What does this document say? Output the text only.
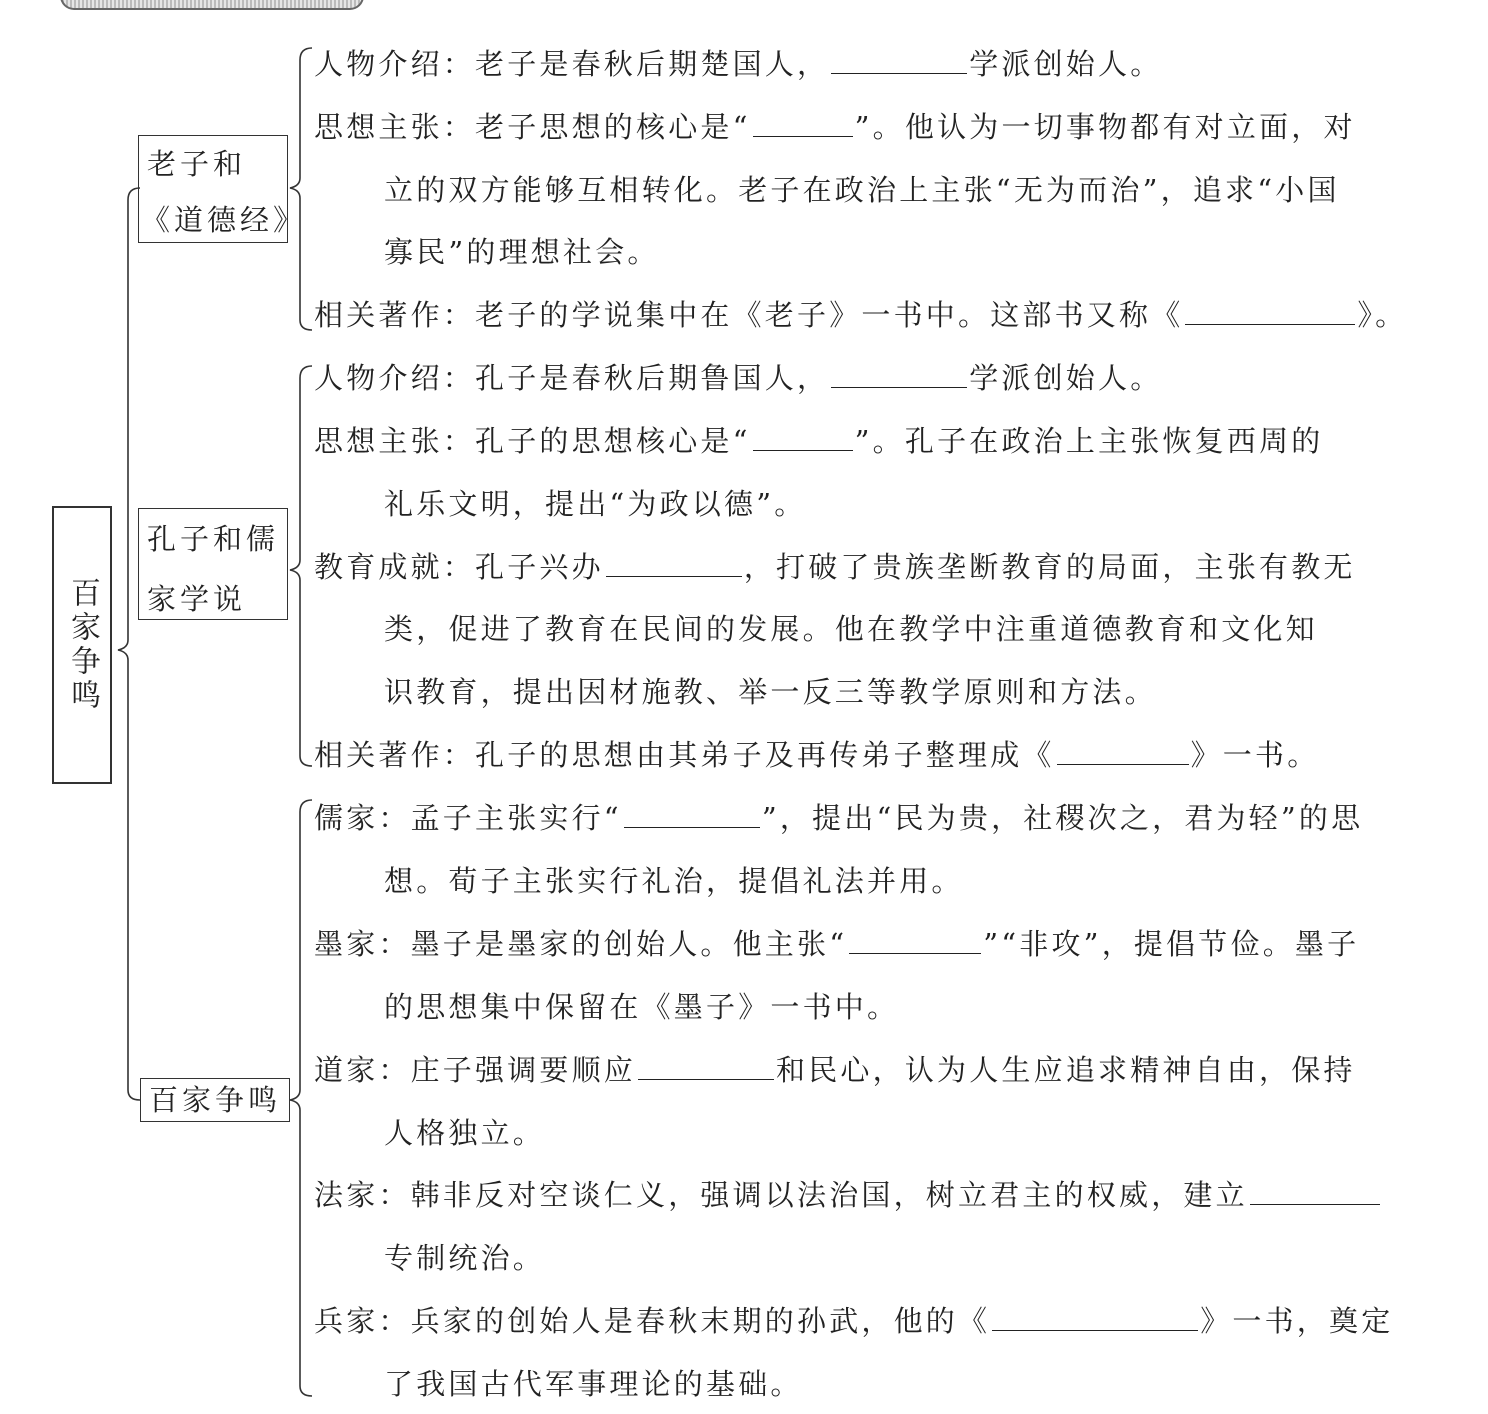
百家争鸣
老子和
《道德经》
孔子和儒
家学说
百家争鸣
人物介绍：老子是春秋后期楚国人，	学派创始人。
思想主张：老子思想的核心是“	”。他认为一切事物都有对立面，对
立的双方能够互相转化。老子在政治上主张“无为而治”，追求“小国
寡民”的理想社会。
相关著作：老子的学说集中在《老子》一书中。这部书又称《	》。
人物介绍：孔子是春秋后期鲁国人，	学派创始人。
思想主张：孔子的思想核心是“	”。孔子在政治上主张恢复西周的
礼乐文明，提出“为政以德”。
教育成就：孔子兴办	，打破了贵族垄断教育的局面，主张有教无
类，促进了教育在民间的发展。他在教学中注重道德教育和文化知
识教育，提出因材施教、举一反三等教学原则和方法。
相关著作：孔子的思想由其弟子及再传弟子整理成《	》一书。
儒家：孟子主张实行“	”，提出“民为贵，社稷次之，君为轻”的思
想。荀子主张实行礼治，提倡礼法并用。
墨家：墨子是墨家的创始人。他主张“	”“非攻”，提倡节俭。墨子
的思想集中保留在《墨子》一书中。
道家：庄子强调要顺应	和民心，认为人生应追求精神自由，保持
人格独立。
法家：韩非反对空谈仁义，强调以法治国，树立君主的权威，建立
专制统治。
兵家：兵家的创始人是春秋末期的孙武，他的《	》一书，奠定
了我国古代军事理论的基础。
